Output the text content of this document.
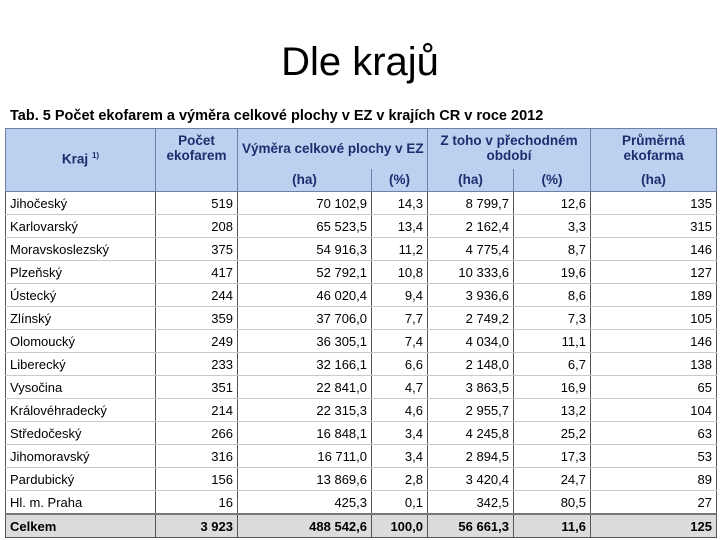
Dle krajů
Tab. 5 Počet ekofarem a výměra celkové plochy v EZ v krajích CR v roce 2012
Kraj $^{1)}$	Počet ekofarem	Výměra celkové plochy v EZ		Z toho v přechodném období		Průměrná ekofarma
		(ha)	(%)	(ha)	(%)	(ha)
Jihočeský	519	70 102,9	14,3	8 799,7	12,6	135
Karlovarský	208	65 523,5	13,4	2 162,4	3,3	315
Moravskoslezský	375	54 916,3	11,2	4 775,4	8,7	146
Plzeňský	417	52 792,1	10,8	10 333,6	19,6	127
Ústecký	244	46 020,4	9,4	3 936,6	8,6	189
Zlínský	359	37 706,0	7,7	2 749,2	7,3	105
Olomoucký	249	36 305,1	7,4	4 034,0	11,1	146
Liberecký	233	32 166,1	6,6	2 148,0	6,7	138
Vysočina	351	22 841,0	4,7	3 863,5	16,9	65
Královéhradecký	214	22 315,3	4,6	2 955,7	13,2	104
Středočeský	266	16 848,1	3,4	4 245,8	25,2	63
Jihomoravský	316	16 711,0	3,4	2 894,5	17,3	53
Pardubický	156	13 869,6	2,8	3 420,4	24,7	89
Hl. m. Praha	16	425,3	0,1	342,5	80,5	27
Celkem	3 923	488 542,6	100,0	56 661,3	11,6	125
